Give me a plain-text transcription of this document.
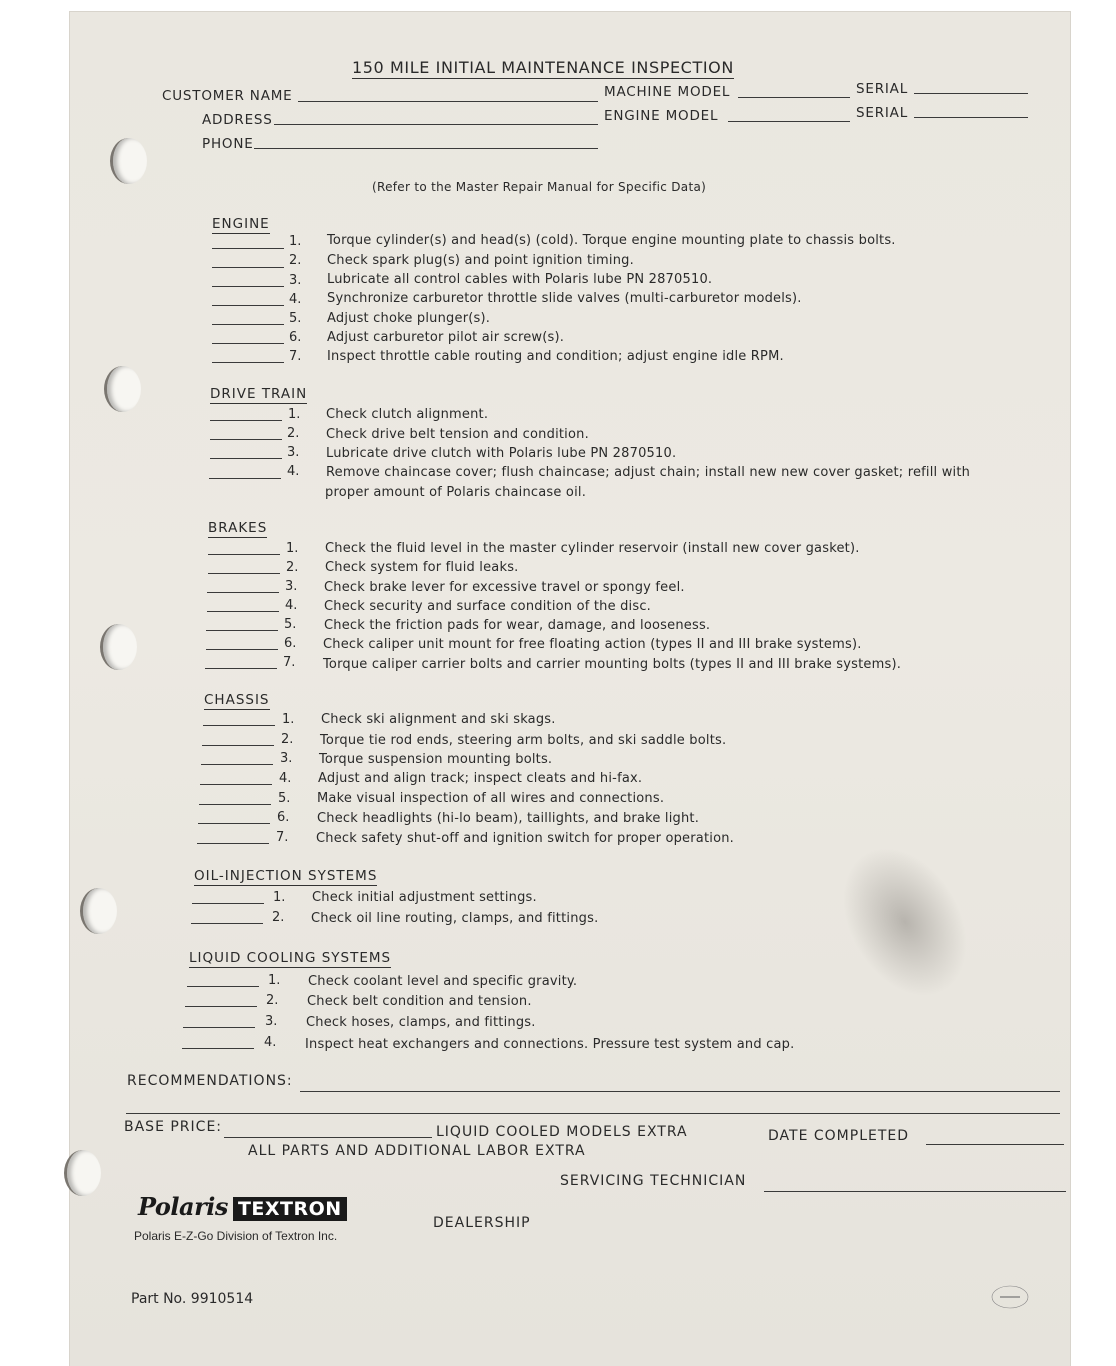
150 MILE INITIAL MAINTENANCE INSPECTION
CUSTOMER NAME	MACHINE MODEL	SERIAL
ADDRESS	ENGINE MODEL	SERIAL
PHONE
(Refer to the Master Repair Manual for Specific Data)
ENGINE
1. Torque cylinder(s) and head(s) (cold). Torque engine mounting plate to chassis bolts.
2. Check spark plug(s) and point ignition timing.
3. Lubricate all control cables with Polaris lube PN 2870510.
4. Synchronize carburetor throttle slide valves (multi-carburetor models).
5. Adjust choke plunger(s).
6. Adjust carburetor pilot air screw(s).
7. Inspect throttle cable routing and condition; adjust engine idle RPM.
DRIVE TRAIN
1. Check clutch alignment.
2. Check drive belt tension and condition.
3. Lubricate drive clutch with Polaris lube PN 2870510.
4. Remove chaincase cover; flush chaincase; adjust chain; install new new cover gasket; refill with
proper amount of Polaris chaincase oil.
BRAKES
1. Check the fluid level in the master cylinder reservoir (install new cover gasket).
2. Check system for fluid leaks.
3. Check brake lever for excessive travel or spongy feel.
4. Check security and surface condition of the disc.
5. Check the friction pads for wear, damage, and looseness.
6. Check caliper unit mount for free floating action (types II and III brake systems).
7. Torque caliper carrier bolts and carrier mounting bolts (types II and III brake systems).
CHASSIS
1. Check ski alignment and ski skags.
2. Torque tie rod ends, steering arm bolts, and ski saddle bolts.
3. Torque suspension mounting bolts.
4. Adjust and align track; inspect cleats and hi-fax.
5. Make visual inspection of all wires and connections.
6. Check headlights (hi-lo beam), taillights, and brake light.
7. Check safety shut-off and ignition switch for proper operation.
OIL-INJECTION SYSTEMS
1. Check initial adjustment settings.
2. Check oil line routing, clamps, and fittings.
LIQUID COOLING SYSTEMS
1. Check coolant level and specific gravity.
2. Check belt condition and tension.
3. Check hoses, clamps, and fittings.
4. Inspect heat exchangers and connections. Pressure test system and cap.
RECOMMENDATIONS:
BASE PRICE:	LIQUID COOLED MODELS EXTRA	DATE COMPLETED
ALL PARTS AND ADDITIONAL LABOR EXTRA
SERVICING TECHNICIAN
Polaris TEXTRON
DEALERSHIP
Polaris E-Z-Go Division of Textron Inc.
Part No. 9910514
